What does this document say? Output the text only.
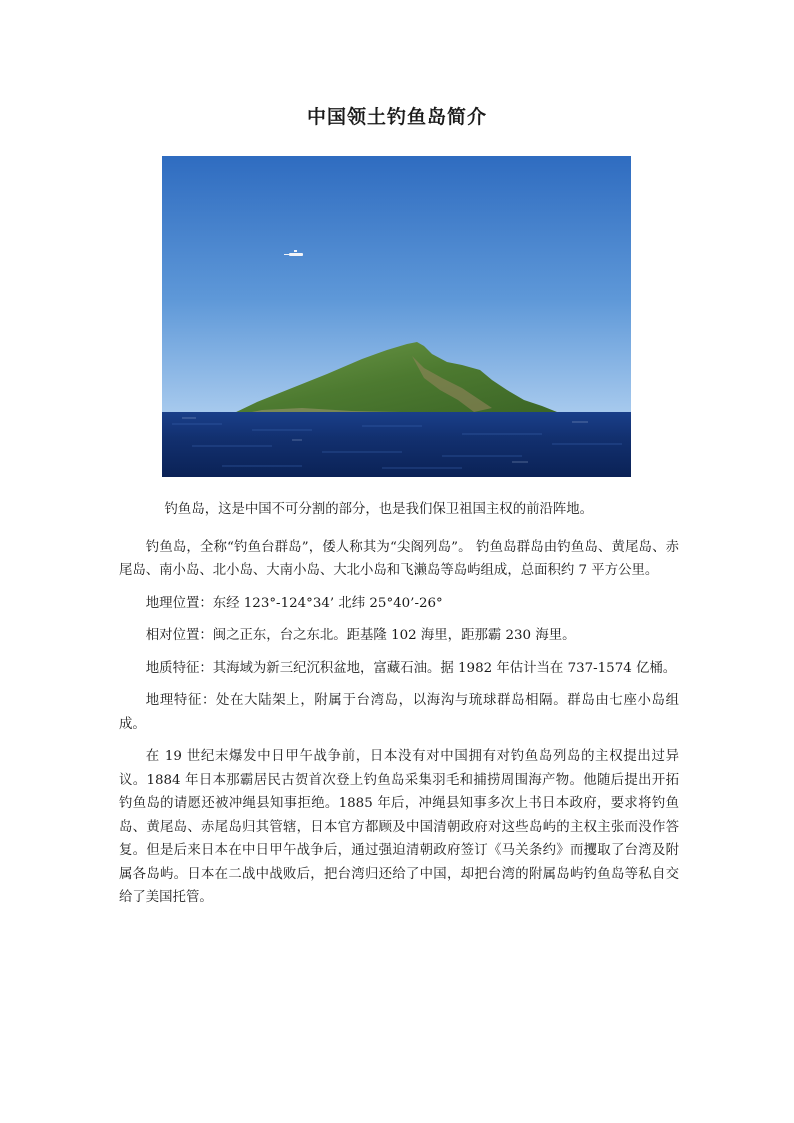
中国领土钓鱼岛简介

钓鱼岛，这是中国不可分割的部分，也是我们保卫祖国主权的前沿阵地。

钓鱼岛，全称“钓鱼台群岛”，倭人称其为“尖阁列岛”。 钓鱼岛群岛由钓鱼岛、黄尾岛、赤尾岛、南小岛、北小岛、大南小岛、大北小岛和飞濑岛等岛屿组成，总面积约 7 平方公里。

地理位置：东经 123°-124°34’ 北纬 25°40’-26°

相对位置：闽之正东，台之东北。距基隆 102 海里，距那霸 230 海里。

地质特征：其海域为新三纪沉积盆地，富藏石油。据 1982 年估计当在 737-1574 亿桶。

地理特征：处在大陆架上，附属于台湾岛，以海沟与琉球群岛相隔。群岛由七座小岛组成。

在 19 世纪末爆发中日甲午战争前，日本没有对中国拥有对钓鱼岛列岛的主权提出过异议。1884 年日本那霸居民古贺首次登上钓鱼岛采集羽毛和捕捞周围海产物。他随后提出开拓钓鱼岛的请愿还被冲绳县知事拒绝。1885 年后，冲绳县知事多次上书日本政府，要求将钓鱼岛、黄尾岛、赤尾岛归其管辖，日本官方都顾及中国清朝政府对这些岛屿的主权主张而没作答复。但是后来日本在中日甲午战争后，通过强迫清朝政府签订《马关条约》而攫取了台湾及附属各岛屿。日本在二战中战败后，把台湾归还给了中国，却把台湾的附属岛屿钓鱼岛等私自交给了美国托管。
